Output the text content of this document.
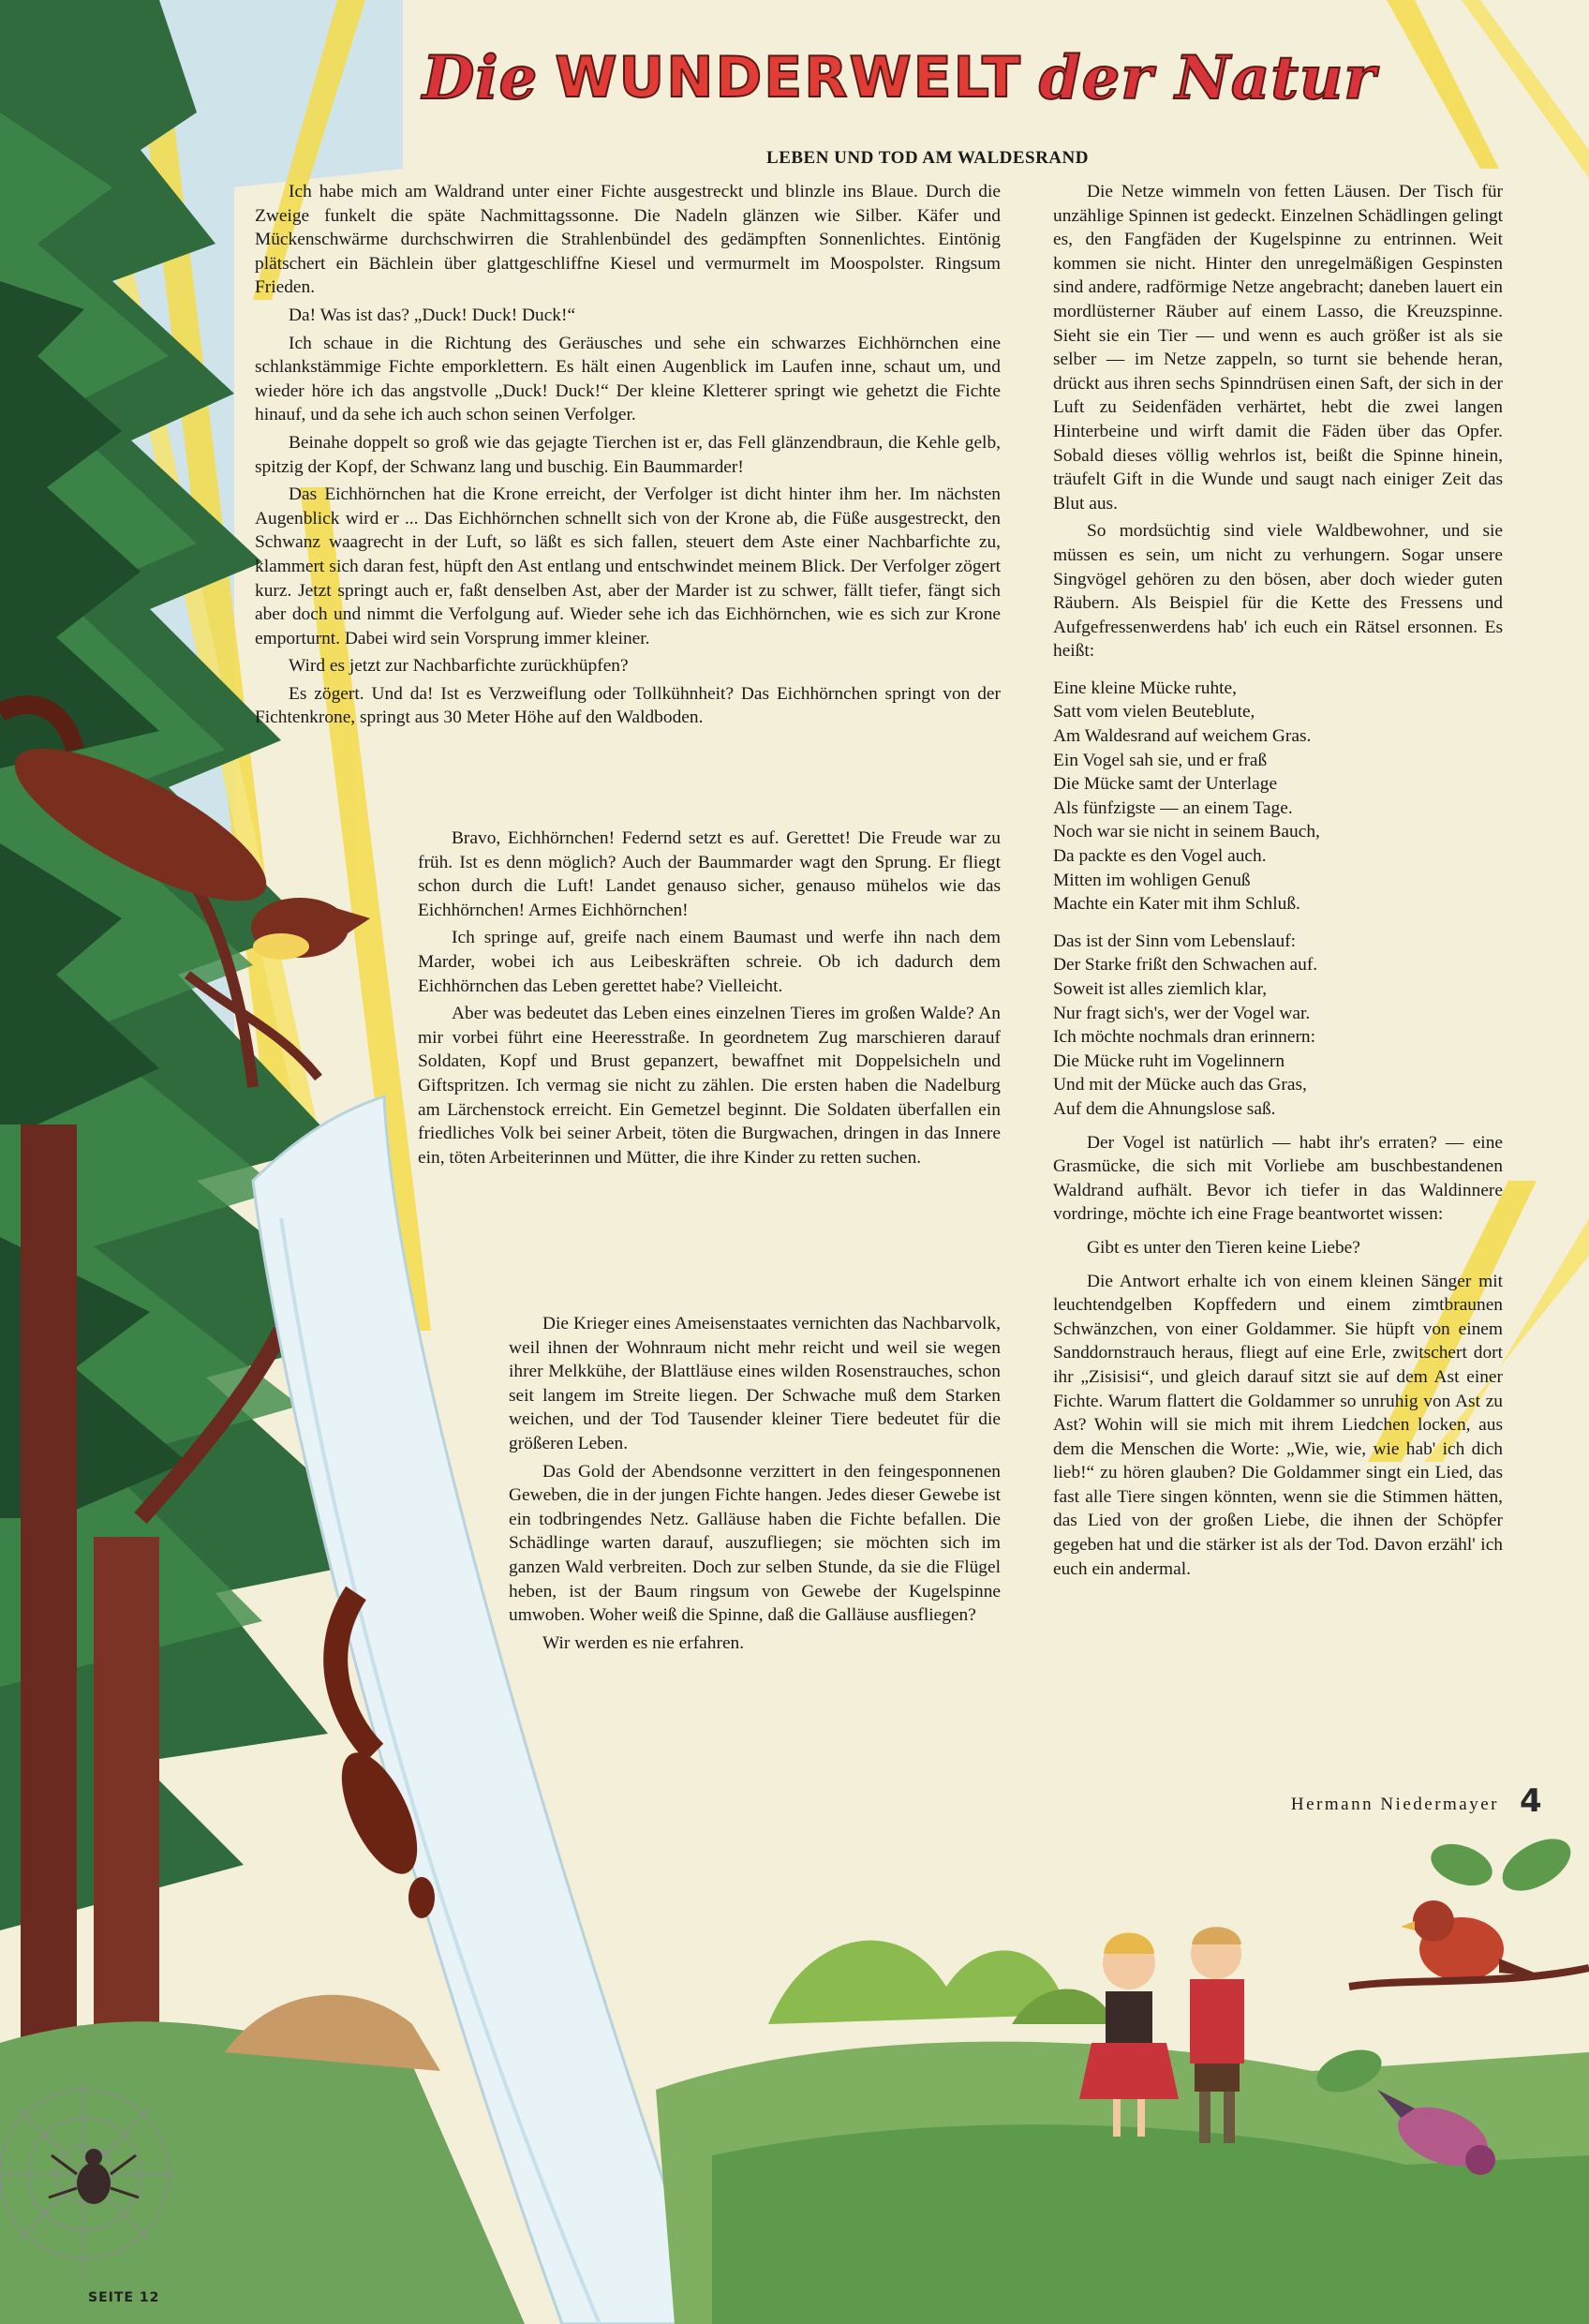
Die WUNDERWELT der Natur
LEBEN UND TOD AM WALDESRAND

Ich habe mich am Waldrand unter einer Fichte ausgestreckt und blinzle ins Blaue. Durch die Zweige funkelt die späte Nachmittagssonne. Die Nadeln glänzen wie Silber. Käfer und Mückenschwärme durchschwirren die Strahlenbündel des gedämpften Sonnenlichtes. Eintönig plätschert ein Bächlein über glattgeschliffne Kiesel und vermurmelt im Moospolster. Ringsum Frieden.

Da! Was ist das? „Duck! Duck! Duck!“

Ich schaue in die Richtung des Geräusches und sehe ein schwarzes Eichhörnchen eine schlankstämmige Fichte emporklettern. Es hält einen Augenblick im Laufen inne, schaut um, und wieder höre ich das angstvolle „Duck! Duck!“ Der kleine Kletterer springt wie gehetzt die Fichte hinauf, und da sehe ich auch schon seinen Verfolger.

Beinahe doppelt so groß wie das gejagte Tierchen ist er, das Fell glänzendbraun, die Kehle gelb, spitzig der Kopf, der Schwanz lang und buschig. Ein Baummarder!

Das Eichhörnchen hat die Krone erreicht, der Verfolger ist dicht hinter ihm her. Im nächsten Augenblick wird er ... Das Eichhörnchen schnellt sich von der Krone ab, die Füße ausgestreckt, den Schwanz waagrecht in der Luft, so läßt es sich fallen, steuert dem Aste einer Nachbarfichte zu, klammert sich daran fest, hüpft den Ast entlang und entschwindet meinem Blick. Der Verfolger zögert kurz. Jetzt springt auch er, faßt denselben Ast, aber der Marder ist zu schwer, fällt tiefer, fängt sich aber doch und nimmt die Verfolgung auf. Wieder sehe ich das Eichhörnchen, wie es sich zur Krone emporturnt. Dabei wird sein Vorsprung immer kleiner.

Wird es jetzt zur Nachbarfichte zurückhüpfen?

Es zögert. Und da! Ist es Verzweiflung oder Tollkühnheit? Das Eichhörnchen springt von der Fichtenkrone, springt aus 30 Meter Höhe auf den Waldboden.

Bravo, Eichhörnchen! Federnd setzt es auf. Gerettet! Die Freude war zu früh. Ist es denn möglich? Auch der Baummarder wagt den Sprung. Er fliegt schon durch die Luft! Landet genauso sicher, genauso mühelos wie das Eichhörnchen! Armes Eichhörnchen!

Ich springe auf, greife nach einem Baumast und werfe ihn nach dem Marder, wobei ich aus Leibeskräften schreie. Ob ich dadurch dem Eichhörnchen das Leben gerettet habe? Vielleicht.

Aber was bedeutet das Leben eines einzelnen Tieres im großen Walde? An mir vorbei führt eine Heeresstraße. In geordnetem Zug marschieren darauf Soldaten, Kopf und Brust gepanzert, bewaffnet mit Doppelsicheln und Giftspritzen. Ich vermag sie nicht zu zählen. Die ersten haben die Nadelburg am Lärchenstock erreicht. Ein Gemetzel beginnt. Die Soldaten überfallen ein friedliches Volk bei seiner Arbeit, töten die Burgwachen, dringen in das Innere ein, töten Arbeiterinnen und Mütter, die ihre Kinder zu retten suchen.

Die Krieger eines Ameisenstaates vernichten das Nachbarvolk, weil ihnen der Wohnraum nicht mehr reicht und weil sie wegen ihrer Melkkühe, der Blattläuse eines wilden Rosenstrauches, schon seit langem im Streite liegen. Der Schwache muß dem Starken weichen, und der Tod Tausender kleiner Tiere bedeutet für die größeren Leben.

Das Gold der Abendsonne verzittert in den feingesponnenen Geweben, die in der jungen Fichte hangen. Jedes dieser Gewebe ist ein todbringendes Netz. Galläuse haben die Fichte befallen. Die Schädlinge warten darauf, auszufliegen; sie möchten sich im ganzen Wald verbreiten. Doch zur selben Stunde, da sie die Flügel heben, ist der Baum ringsum von Gewebe der Kugelspinne umwoben. Woher weiß die Spinne, daß die Galläuse ausfliegen?

Wir werden es nie erfahren.

Die Netze wimmeln von fetten Läusen. Der Tisch für unzählige Spinnen ist gedeckt. Einzelnen Schädlingen gelingt es, den Fangfäden der Kugelspinne zu entrinnen. Weit kommen sie nicht. Hinter den unregelmäßigen Gespinsten sind andere, radförmige Netze angebracht; daneben lauert ein mordlüsterner Räuber auf einem Lasso, die Kreuzspinne. Sieht sie ein Tier — und wenn es auch größer ist als sie selber — im Netze zappeln, so turnt sie behende heran, drückt aus ihren sechs Spinndrüsen einen Saft, der sich in der Luft zu Seidenfäden verhärtet, hebt die zwei langen Hinterbeine und wirft damit die Fäden über das Opfer. Sobald dieses völlig wehrlos ist, beißt die Spinne hinein, träufelt Gift in die Wunde und saugt nach einiger Zeit das Blut aus.

So mordsüchtig sind viele Waldbewohner, und sie müssen es sein, um nicht zu verhungern. Sogar unsere Singvögel gehören zu den bösen, aber doch wieder guten Räubern. Als Beispiel für die Kette des Fressens und Aufgefressenwerdens hab' ich euch ein Rätsel ersonnen. Es heißt:

Eine kleine Mücke ruhte,
Satt vom vielen Beuteblute,
Am Waldesrand auf weichem Gras.
Ein Vogel sah sie, und er fraß
Die Mücke samt der Unterlage
Als fünfzigste — an einem Tage.
Noch war sie nicht in seinem Bauch,
Da packte es den Vogel auch.
Mitten im wohligen Genuß
Machte ein Kater mit ihm Schluß.
Das ist der Sinn vom Lebenslauf:
Der Starke frißt den Schwachen auf.
Soweit ist alles ziemlich klar,
Nur fragt sich's, wer der Vogel war.
Ich möchte nochmals dran erinnern:
Die Mücke ruht im Vogelinnern
Und mit der Mücke auch das Gras,
Auf dem die Ahnungslose saß.

Der Vogel ist natürlich — habt ihr's erraten? — eine Grasmücke, die sich mit Vorliebe am buschbestandenen Waldrand aufhält. Bevor ich tiefer in das Waldinnere vordringe, möchte ich eine Frage beantwortet wissen:

Gibt es unter den Tieren keine Liebe?

Die Antwort erhalte ich von einem kleinen Sänger mit leuchtendgelben Kopffedern und einem zimtbraunen Schwänzchen, von einer Goldammer. Sie hüpft von einem Sanddornstrauch heraus, fliegt auf eine Erle, zwitschert dort ihr „Zisisisi“, und gleich darauf sitzt sie auf dem Ast einer Fichte. Warum flattert die Goldammer so unruhig von Ast zu Ast? Wohin will sie mich mit ihrem Liedchen locken, aus dem die Menschen die Worte: „Wie, wie, wie hab' ich dich lieb!“ zu hören glauben? Die Goldammer singt ein Lied, das fast alle Tiere singen könnten, wenn sie die Stimmen hätten, das Lied von der großen Liebe, die ihnen der Schöpfer gegeben hat und die stärker ist als der Tod. Davon erzähl' ich euch ein andermal.

Hermann Niedermayer 4
SEITE 12
